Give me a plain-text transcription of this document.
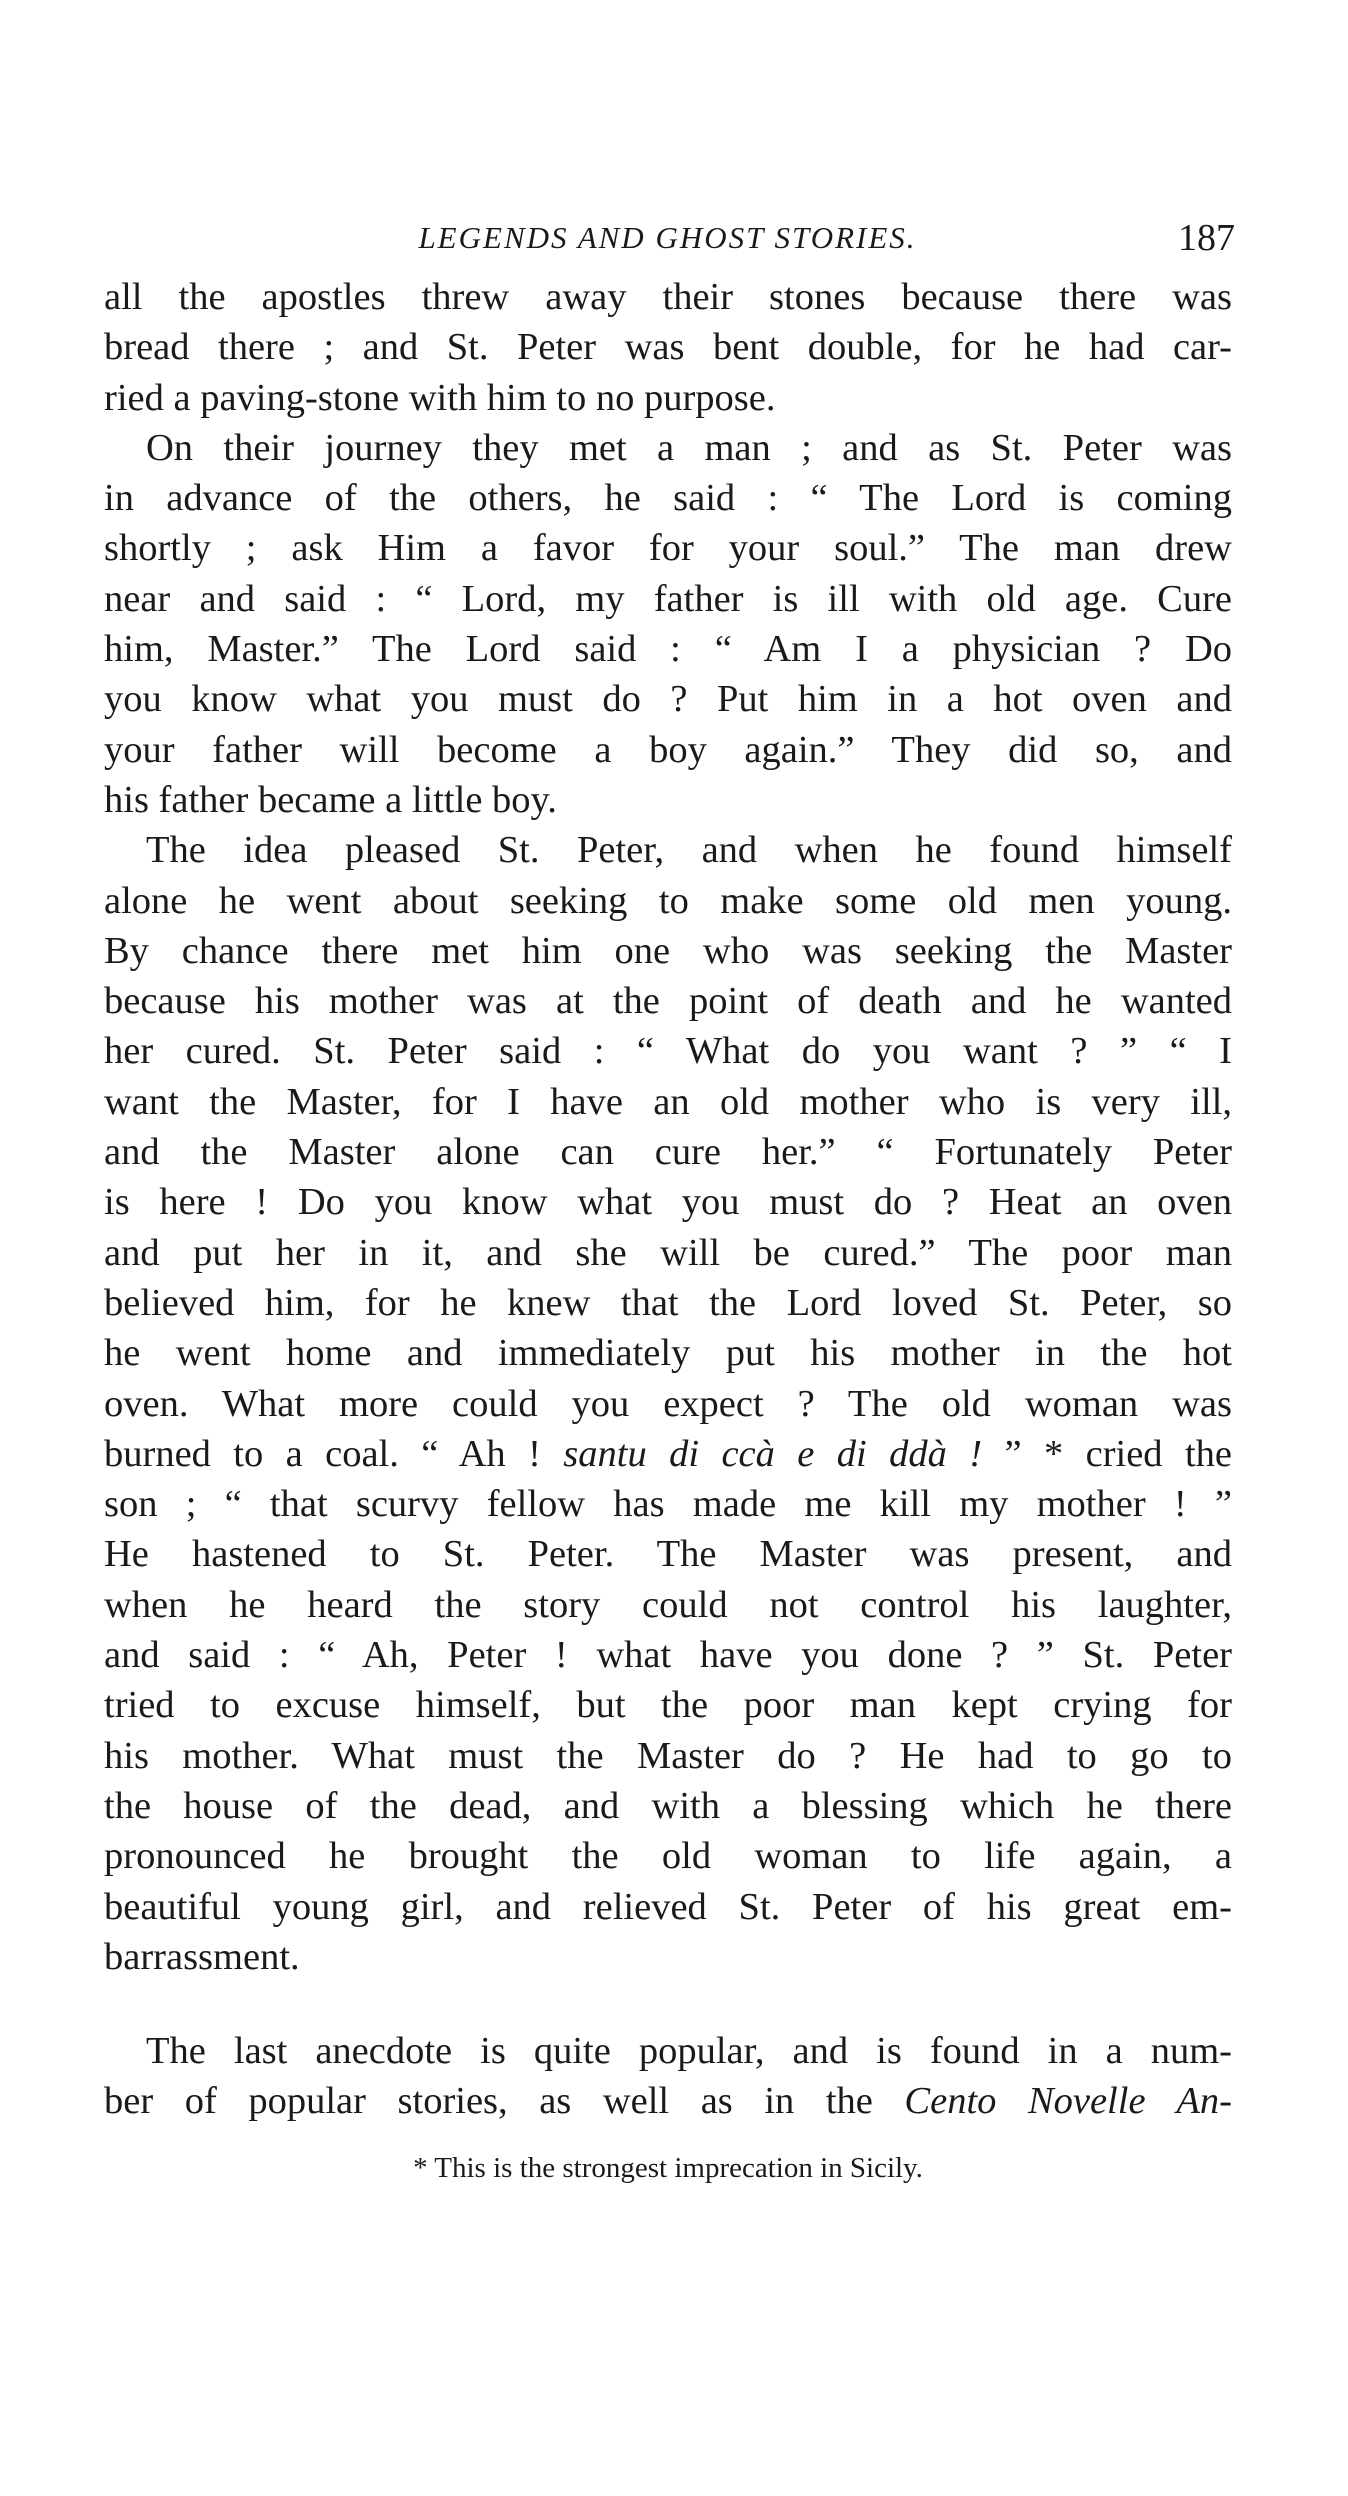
LEGENDS AND GHOST STORIES.	187
all the apostles threw away their stones because there was
bread there ; and St. Peter was bent double, for he had car-
ried a paving-stone with him to no purpose.
On their journey they met a man ; and as St. Peter was
in advance of the others, he said : “ The Lord is coming
shortly ; ask Him a favor for your soul.” The man drew
near and said : “ Lord, my father is ill with old age. Cure
him, Master.” The Lord said : “ Am I a physician ? Do
you know what you must do ? Put him in a hot oven and
your father will become a boy again.” They did so, and
his father became a little boy.
The idea pleased St. Peter, and when he found himself
alone he went about seeking to make some old men young.
By chance there met him one who was seeking the Master
because his mother was at the point of death and he wanted
her cured. St. Peter said : “ What do you want ? ” “ I
want the Master, for I have an old mother who is very ill,
and the Master alone can cure her.” “ Fortunately Peter
is here ! Do you know what you must do ? Heat an oven
and put her in it, and she will be cured.” The poor man
believed him, for he knew that the Lord loved St. Peter, so
he went home and immediately put his mother in the hot
oven. What more could you expect ? The old woman was
burned to a coal. “ Ah ! santu di ccà e di ddà ! ” * cried the
son ; “ that scurvy fellow has made me kill my mother ! ”
He hastened to St. Peter. The Master was present, and
when he heard the story could not control his laughter,
and said : “ Ah, Peter ! what have you done ? ” St. Peter
tried to excuse himself, but the poor man kept crying for
his mother. What must the Master do ? He had to go to
the house of the dead, and with a blessing which he there
pronounced he brought the old woman to life again, a
beautiful young girl, and relieved St. Peter of his great em-
barrassment.
The last anecdote is quite popular, and is found in a num-
ber of popular stories, as well as in the Cento Novelle An-
* This is the strongest imprecation in Sicily.
